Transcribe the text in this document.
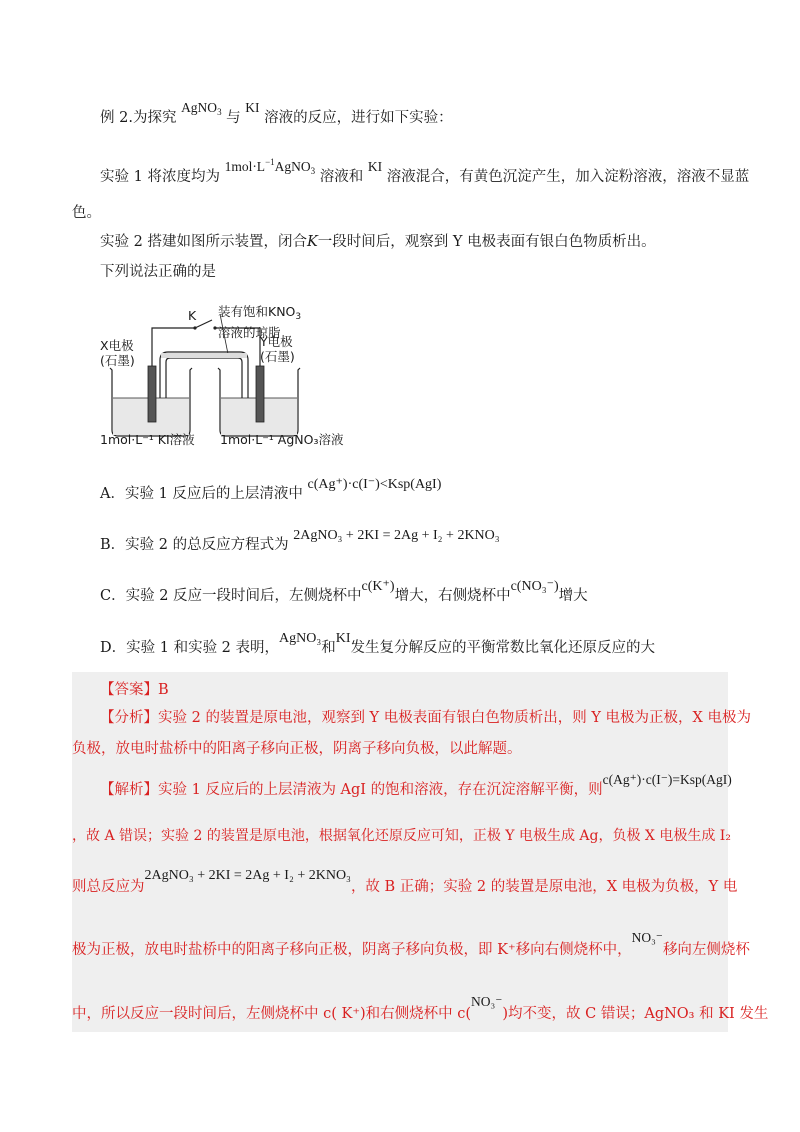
例 2.为探究 AgNO$_3$ 与 KI 溶液的反应，进行如下实验：
实验 1 将浓度均为 $1mol\cdot L^{-1}AgNO_3$ 溶液和 KI 溶液混合，有黄色沉淀产生，加入淀粉溶液，溶液不显蓝
色。
实验 2 搭建如图所示装置，闭合K一段时间后，观察到 Y 电极表面有银白色物质析出。
下列说法正确的是
装有饱和$KNO_3$
溶液的琼脂
K
X电极
(石墨)
Y电极
(石墨)
1mol·L⁻¹ KI溶液 1mol·L⁻¹ AgNO₃溶液
A．实验 1 反应后的上层清液中 c(Ag⁺)·c(I⁻)<Ksp(AgI)
B．实验 2 的总反应方程式为 2AgNO₃ + 2KI = 2Ag + I₂ + 2KNO₃
C．实验 2 反应一段时间后，左侧烧杯中c(K⁺)增大，右侧烧杯中c(NO₃⁻)增大
D．实验 1 和实验 2 表明，AgNO₃和KI发生复分解反应的平衡常数比氧化还原反应的大
【答案】B
【分析】实验 2 的装置是原电池，观察到 Y 电极表面有银白色物质析出，则 Y 电极为正极，X 电极为
负极，放电时盐桥中的阳离子移向正极，阴离子移向负极，以此解题。
【解析】实验 1 反应后的上层清液为 AgI 的饱和溶液，存在沉淀溶解平衡，则c(Ag⁺)·c(I⁻)=Ksp(AgI)
，故 A 错误；实验 2 的装置是原电池，根据氧化还原反应可知，正极 Y 电极生成 Ag，负极 X 电极生成 I₂
则总反应为2AgNO₃ + 2KI = 2Ag + I₂ + 2KNO₃，故 B 正确；实验 2 的装置是原电池，X 电极为负极，Y 电
极为正极，放电时盐桥中的阳离子移向正极，阴离子移向负极，即 K⁺移向右侧烧杯中，NO₃⁻移向左侧烧杯
中，所以反应一段时间后，左侧烧杯中 c( K⁺)和右侧烧杯中 c(NO₃⁻)均不变，故 C 错误；AgNO₃ 和 KI 发生
